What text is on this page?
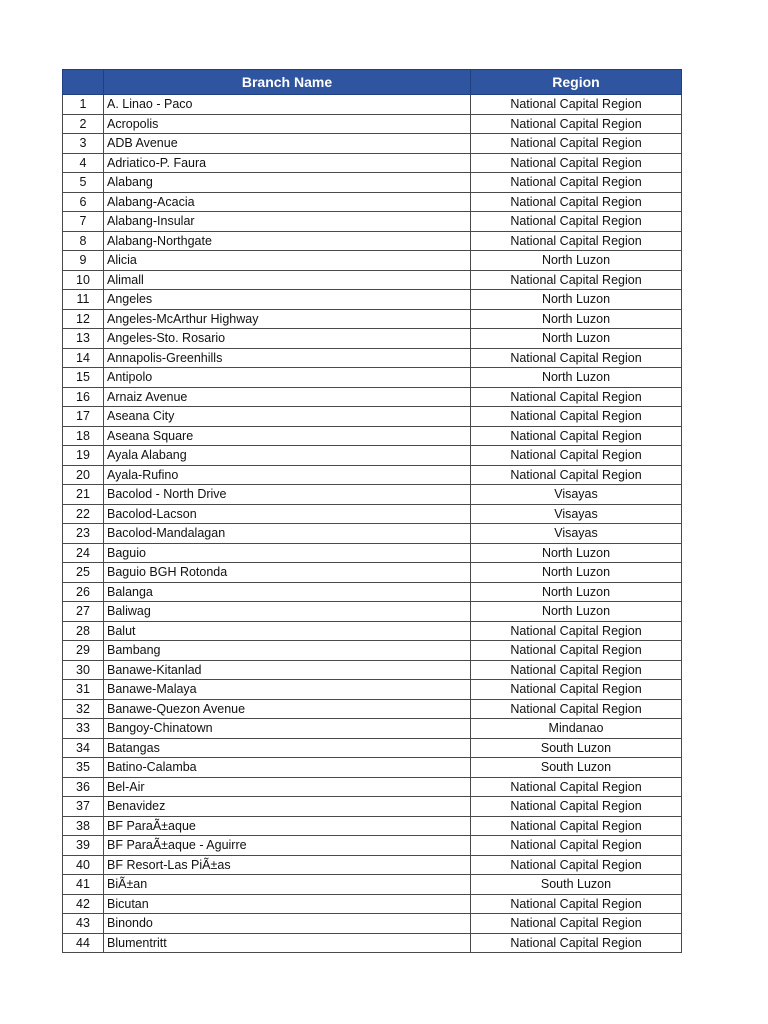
	Branch Name	Region
1	A. Linao - Paco	National Capital Region
2	Acropolis	National Capital Region
3	ADB Avenue	National Capital Region
4	Adriatico-P. Faura	National Capital Region
5	Alabang	National Capital Region
6	Alabang-Acacia	National Capital Region
7	Alabang-Insular	National Capital Region
8	Alabang-Northgate	National Capital Region
9	Alicia	North Luzon
10	Alimall	National Capital Region
11	Angeles	North Luzon
12	Angeles-McArthur Highway	North Luzon
13	Angeles-Sto. Rosario	North Luzon
14	Annapolis-Greenhills	National Capital Region
15	Antipolo	North Luzon
16	Arnaiz Avenue	National Capital Region
17	Aseana City	National Capital Region
18	Aseana Square	National Capital Region
19	Ayala Alabang	National Capital Region
20	Ayala-Rufino	National Capital Region
21	Bacolod - North Drive	Visayas
22	Bacolod-Lacson	Visayas
23	Bacolod-Mandalagan	Visayas
24	Baguio	North Luzon
25	Baguio BGH Rotonda	North Luzon
26	Balanga	North Luzon
27	Baliwag	North Luzon
28	Balut	National Capital Region
29	Bambang	National Capital Region
30	Banawe-Kitanlad	National Capital Region
31	Banawe-Malaya	National Capital Region
32	Banawe-Quezon Avenue	National Capital Region
33	Bangoy-Chinatown	Mindanao
34	Batangas	South Luzon
35	Batino-Calamba	South Luzon
36	Bel-Air	National Capital Region
37	Benavidez	National Capital Region
38	BF ParaÃ±aque	National Capital Region
39	BF ParaÃ±aque - Aguirre	National Capital Region
40	BF Resort-Las PiÃ±as	National Capital Region
41	BiÃ±an	South Luzon
42	Bicutan	National Capital Region
43	Binondo	National Capital Region
44	Blumentritt	National Capital Region
